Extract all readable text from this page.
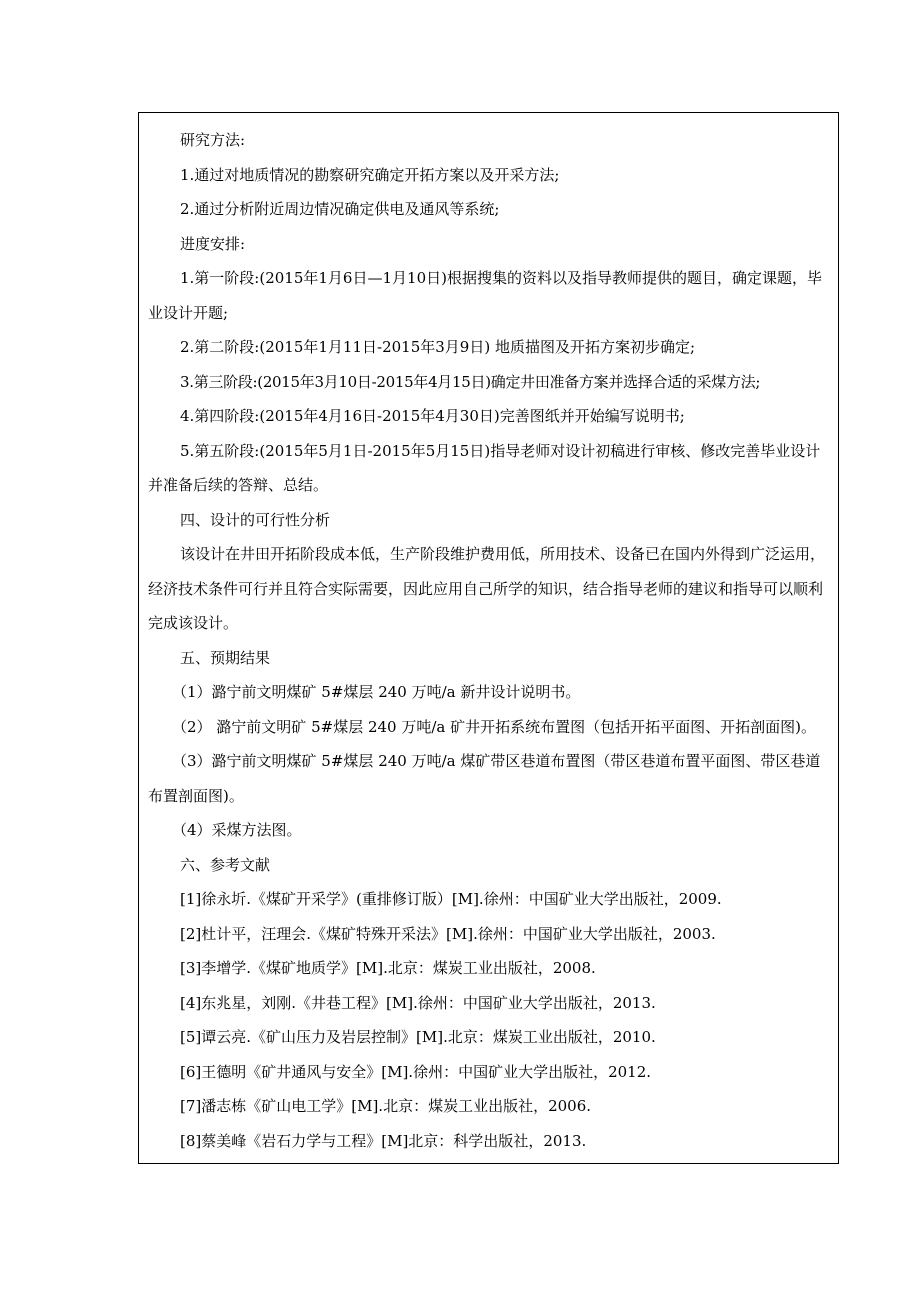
研究方法:

1.通过对地质情况的勘察研究确定开拓方案以及开采方法;

2.通过分析附近周边情况确定供电及通风等系统;

进度安排:

1.第一阶段:(2015年1月6日—1月10日)根据搜集的资料以及指导教师提供的题目，确定课题，毕业设计开题;

2.第二阶段:(2015年1月11日-2015年3月9日) 地质描图及开拓方案初步确定;

3.第三阶段:(2015年3月10日-2015年4月15日)确定井田准备方案并选择合适的采煤方法;

4.第四阶段:(2015年4月16日-2015年4月30日)完善图纸并开始编写说明书;

5.第五阶段:(2015年5月1日-2015年5月15日)指导老师对设计初稿进行审核、修改完善毕业设计并准备后续的答辩、总结。

四、设计的可行性分析

该设计在井田开拓阶段成本低，生产阶段维护费用低，所用技术、设备已在国内外得到广泛运用，经济技术条件可行并且符合实际需要，因此应用自己所学的知识，结合指导老师的建议和指导可以顺利完成该设计。

五、预期结果

（1）潞宁前文明煤矿 5#煤层 240 万吨/a 新井设计说明书。

（2） 潞宁前文明矿 5#煤层 240 万吨/a 矿井开拓系统布置图（包括开拓平面图、开拓剖面图)。

（3）潞宁前文明煤矿 5#煤层 240 万吨/a 煤矿带区巷道布置图（带区巷道布置平面图、带区巷道布置剖面图)。

（4）采煤方法图。

六、参考文献

[1]徐永圻.《煤矿开采学》(重排修订版）[M].徐州：中国矿业大学出版社，2009.

[2]杜计平，汪理会.《煤矿特殊开采法》[M].徐州：中国矿业大学出版社，2003.

[3]李增学.《煤矿地质学》[M].北京：煤炭工业出版社，2008.

[4]东兆星，刘刚.《井巷工程》[M].徐州：中国矿业大学出版社，2013.

[5]谭云亮.《矿山压力及岩层控制》[M].北京：煤炭工业出版社，2010.

[6]王德明《矿井通风与安全》[M].徐州：中国矿业大学出版社，2012.

[7]潘志栋《矿山电工学》[M].北京：煤炭工业出版社，2006.

[8]蔡美峰《岩石力学与工程》[M]北京：科学出版社，2013.
